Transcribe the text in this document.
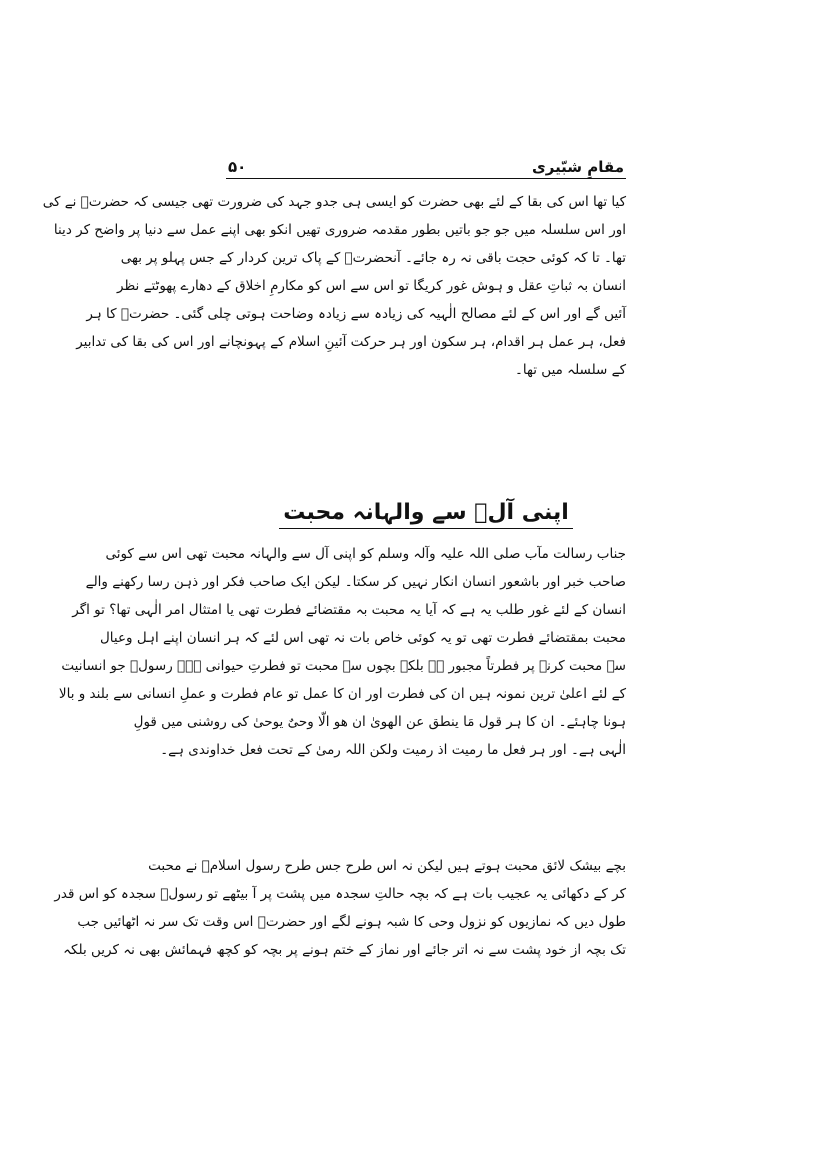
مقامِ شبّیری
۵۰
کیا تھا اس کی بقا کے لئے بھی حضرت کو ایسی ہی جدو جہد کی ضرورت تھی جیسی کہ حضرتؐ نے کی
اور اس سلسلہ میں جو جو باتیں بطور مقدمہ ضروری تھیں انکو بھی اپنے عمل سے دنیا پر واضح کر دینا
تھا۔ تا کہ کوئی حجت باقی نہ رہ جائے۔ آنحضرتؐ کے پاک ترین کردار کے جس پہلو پر بھی
انسان بہ ثباتِ عقل و ہوش غور کریگا تو اس سے اس کو مکارمِ اخلاق کے دھارے پھوٹتے نظر
آئیں گے اور اس کے لئے مصالح الٰہیہ کی زیادہ سے زیادہ وضاحت ہوتی چلی گئی۔ حضرتؐ کا ہر
فعل، ہر عمل ہر اقدام، ہر سکون اور ہر حرکت آئینِ اسلام کے پہونچانے اور اس کی بقا کی تدابیر
کے سلسلہ میں تھا۔
اپنی آلؑ سے والہانہ محبت
جناب رسالت مآب صلی اللہ علیہ وآلہ وسلم کو اپنی آل سے والہانہ محبت تھی اس سے کوئی
صاحب خبر اور باشعور انسان انکار نہیں کر سکتا۔ لیکن ایک صاحب فکر اور ذہن رسا رکھنے والے
انسان کے لئے غور طلب یہ ہے کہ آیا یہ محبت بہ مقتضائے فطرت تھی یا امتثال امر الٰہی تھا؟ تو اگر
محبت بمقتضائے فطرت تھی تو یہ کوئی خاص بات نہ تھی اس لئے کہ ہر انسان اپنے اہل وعیال
سے محبت کرنے پر فطرتاً مجبور ہے بلکہ بچوں سے محبت تو فطرتِ حیوانی ہے۔ رسولؐ جو انسانیت
کے لئے اعلیٰ ترین نمونہ ہیں ان کی فطرت اور ان کا عمل تو عام فطرت و عملِ انسانی سے بلند و بالا
ہونا چاہئے۔ ان کا ہر قول مَا ینطق عن الھویٰ ان ھو الّا وحیٌ یوحیٰ کی روشنی میں قولِ
الٰہی ہے۔ اور ہر فعل ما رمیت اذ رمیت ولکن اللہ رمیٰ کے تحت فعل خداوندی ہے۔
بچے بیشک لائق محبت ہوتے ہیں لیکن نہ اس طرح جس طرح رسول اسلامؐ نے محبت
کر کے دکھائی یہ عجیب بات ہے کہ بچہ حالتِ سجدہ میں پشت پر آ بیٹھے تو رسولؐ سجدہ کو اس قدر
طول دیں کہ نمازیوں کو نزول وحی کا شبہ ہونے لگے اور حضرتؐ اس وقت تک سر نہ اٹھائیں جب
تک بچہ از خود پشت سے نہ اتر جائے اور نماز کے ختم ہونے پر بچہ کو کچھ فہمائش بھی نہ کریں بلکہ
